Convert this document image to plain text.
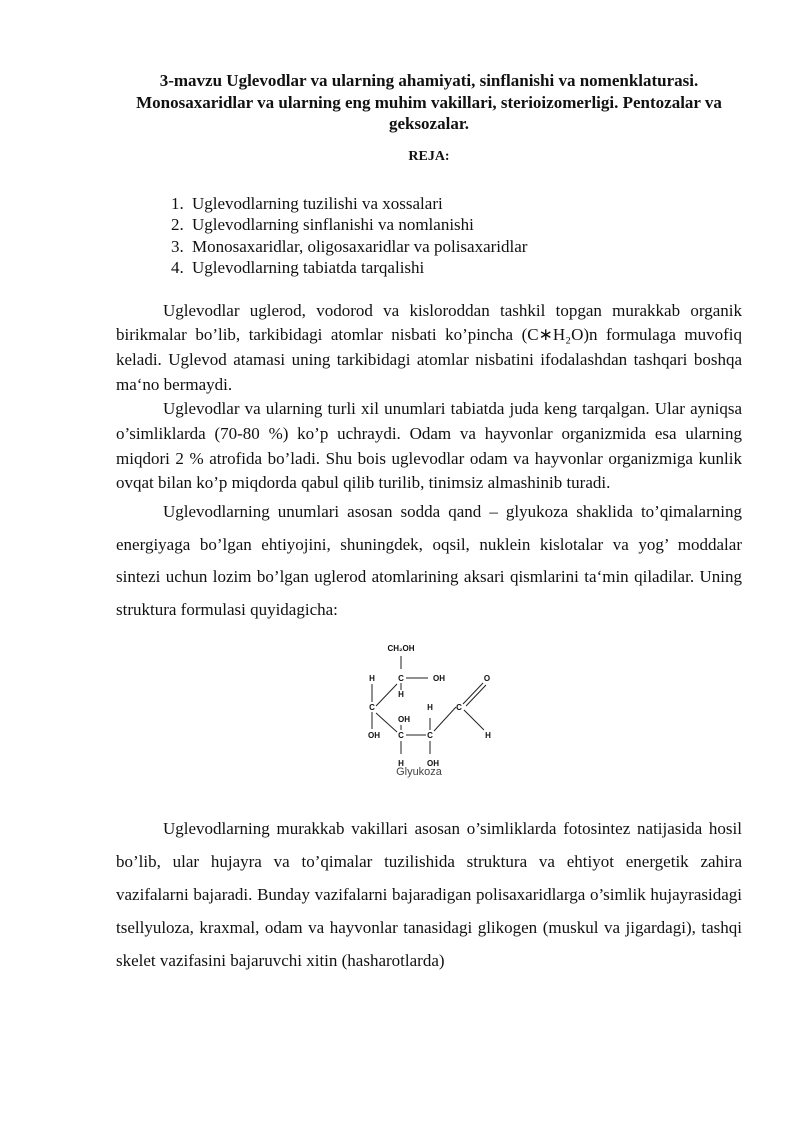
3-mavzu Uglevodlar va ularning ahamiyati, sinflanishi va nomenklaturasi. Monosaxaridlar va ularning eng muhim vakillari, sterioizomerligi. Pentozalar va geksozalar.
REJA:
1. Uglevodlarning tuzilishi va xossalari
2. Uglevodlarning sinflanishi va nomlanishi
3. Monosaxaridlar, oligosaxaridlar va polisaxaridlar
4. Uglevodlarning tabiatda tarqalishi

Uglevodlar uglerod, vodorod va kisloroddan tashkil topgan murakkab organik birikmalar bo’lib, tarkibidagi atomlar nisbati ko’pincha (C∗H₂O)n formulaga muvofiq keladi. Uglevod atamasi uning tarkibidagi atomlar nisbatini ifodalashdan tashqari boshqa ma‘no bermaydi.

Uglevodlar va ularning turli xil unumlari tabiatda juda keng tarqalgan. Ular ayniqsa o’simliklarda (70-80 %) ko’p uchraydi. Odam va hayvonlar organizmida esa ularning miqdori 2 % atrofida bo’ladi. Shu bois uglevodlar odam va hayvonlar organizmiga kunlik ovqat bilan ko’p miqdorda qabul qilib turilib, tinimsiz almashinib turadi.

Uglevodlarning unumlari asosan sodda qand – glyukoza shaklida to’qimalarning energiyaga bo’lgan ehtiyojini, shuningdek, oqsil, nuklein kislotalar va yog’ moddalar sintezi uchun lozim bo’lgan uglerod atomlarining aksari qismlarini ta‘min qiladilar. Uning struktura formulasi quyidagicha:

CH₂OH
H	C	OH	O
H
C	H	C
OH
OH C	C	H
H	OH
Glyukoza

Uglevodlarning murakkab vakillari asosan o’simliklarda fotosintez natijasida hosil bo’lib, ular hujayra va to’qimalar tuzilishida struktura va ehtiyot energetik zahira vazifalarni bajaradi. Bunday vazifalarni bajaradigan polisaxaridlarga o’simlik hujayrasidagi tsellyuloza, kraxmal, odam va hayvonlar tanasidagi glikogen (muskul va jigardagi), tashqi skelet vazifasini bajaruvchi xitin (hasharotlarda)
